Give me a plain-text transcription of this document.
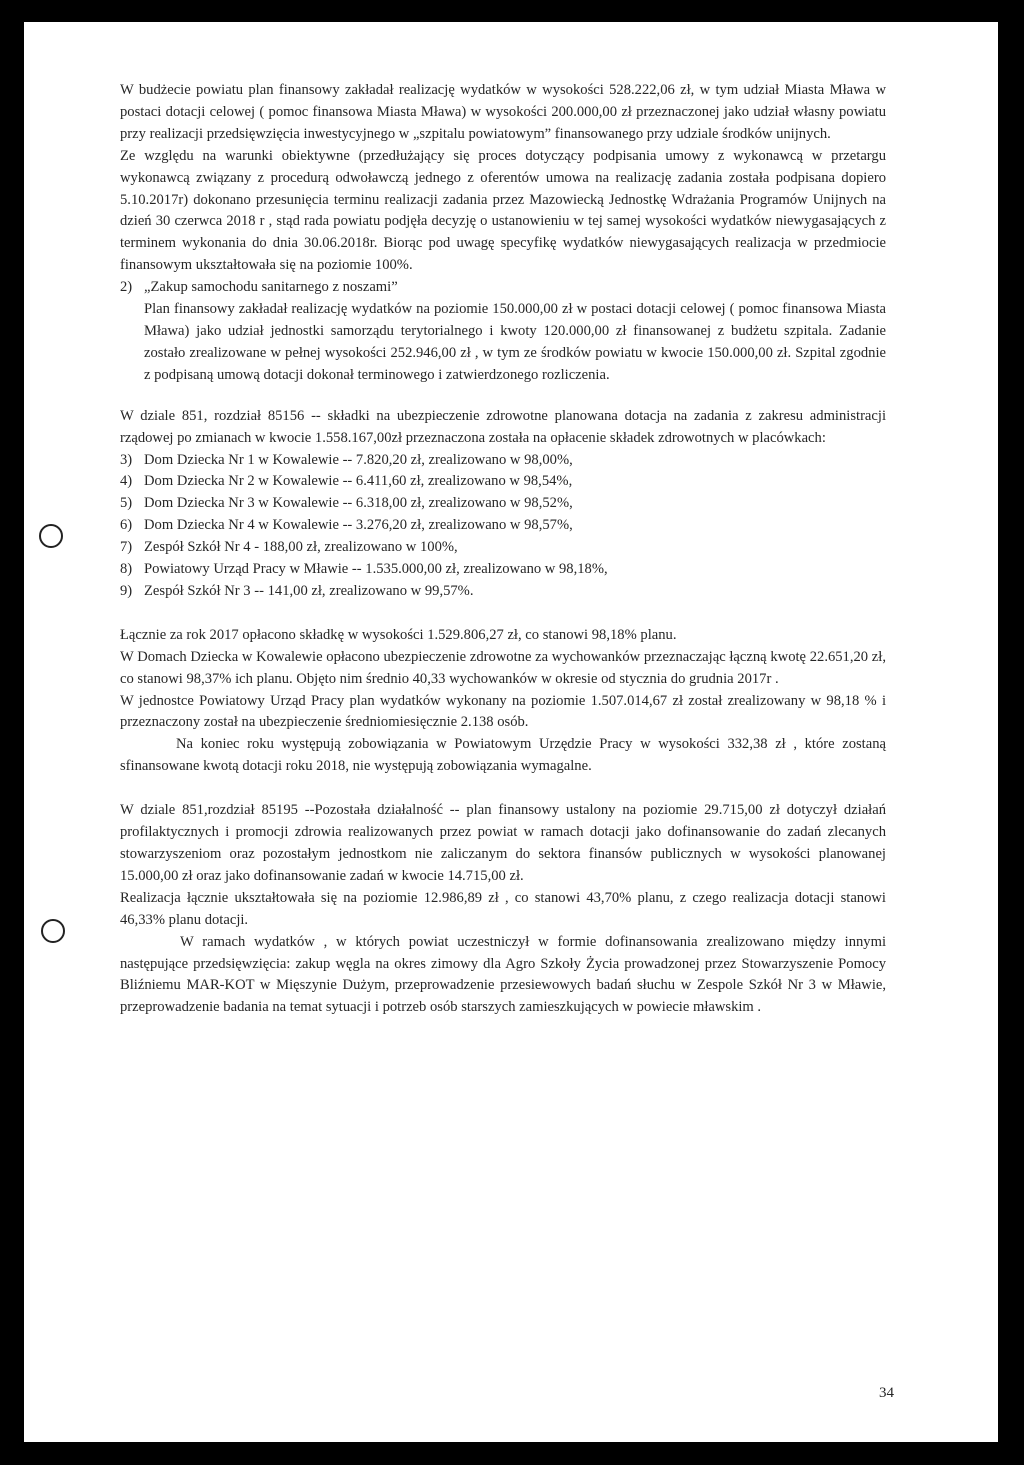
W budżecie powiatu plan finansowy zakładał realizację wydatków w wysokości 528.222,06 zł, w tym udział Miasta Mława w postaci dotacji celowej ( pomoc finansowa Miasta Mława) w wysokości 200.000,00 zł przeznaczonej jako udział własny powiatu przy realizacji przedsięwzięcia inwestycyjnego w „szpitalu powiatowym” finansowanego przy udziale środków unijnych.

Ze względu na warunki obiektywne (przedłużający się proces dotyczący podpisania umowy z wykonawcą w przetargu wykonawcą związany z procedurą odwoławczą jednego z oferentów umowa na realizację zadania została podpisana dopiero 5.10.2017r) dokonano przesunięcia terminu realizacji zadania przez Mazowiecką Jednostkę Wdrażania Programów Unijnych na dzień 30 czerwca 2018 r , stąd rada powiatu podjęła decyzję o ustanowieniu w tej samej wysokości wydatków niewygasających z terminem wykonania do dnia 30.06.2018r. Biorąc pod uwagę specyfikę wydatków niewygasających realizacja w przedmiocie finansowym ukształtowała się na poziomie 100%.

2) „Zakup samochodu sanitarnego z noszami”

Plan finansowy zakładał realizację wydatków na poziomie 150.000,00 zł w postaci dotacji celowej ( pomoc finansowa Miasta Mława) jako udział jednostki samorządu terytorialnego i kwoty 120.000,00 zł finansowanej z budżetu szpitala. Zadanie zostało zrealizowane w pełnej wysokości 252.946,00 zł , w tym ze środków powiatu w kwocie 150.000,00 zł. Szpital zgodnie z podpisaną umową dotacji dokonał terminowego i zatwierdzonego rozliczenia.

W dziale 851, rozdział 85156 -- składki na ubezpieczenie zdrowotne planowana dotacja na zadania z zakresu administracji rządowej po zmianach w kwocie 1.558.167,00zł przeznaczona została na opłacenie składek zdrowotnych w placówkach:

3) Dom Dziecka Nr 1 w Kowalewie -- 7.820,20 zł, zrealizowano w 98,00%,
4) Dom Dziecka Nr 2 w Kowalewie -- 6.411,60 zł, zrealizowano w 98,54%,
5) Dom Dziecka Nr 3 w Kowalewie -- 6.318,00 zł, zrealizowano w 98,52%,
6) Dom Dziecka Nr 4 w Kowalewie -- 3.276,20 zł, zrealizowano w 98,57%,
7) Zespół Szkół Nr 4 - 188,00 zł, zrealizowano w 100%,
8) Powiatowy Urząd Pracy w Mławie -- 1.535.000,00 zł, zrealizowano w 98,18%,
9) Zespół Szkół Nr 3 -- 141,00 zł, zrealizowano w 99,57%.

Łącznie za rok 2017 opłacono składkę w wysokości 1.529.806,27 zł, co stanowi 98,18% planu.

W Domach Dziecka w Kowalewie opłacono ubezpieczenie zdrowotne za wychowanków przeznaczając łączną kwotę 22.651,20 zł, co stanowi 98,37% ich planu. Objęto nim średnio 40,33 wychowanków w okresie od stycznia do grudnia 2017r .

W jednostce Powiatowy Urząd Pracy plan wydatków wykonany na poziomie 1.507.014,67 zł został zrealizowany w 98,18 % i przeznaczony został na ubezpieczenie średniomiesięcznie 2.138 osób.

Na koniec roku występują zobowiązania w Powiatowym Urzędzie Pracy w wysokości 332,38 zł , które zostaną sfinansowane kwotą dotacji roku 2018, nie występują zobowiązania wymagalne.

W dziale 851,rozdział 85195 --Pozostała działalność -- plan finansowy ustalony na poziomie 29.715,00 zł dotyczył działań profilaktycznych i promocji zdrowia realizowanych przez powiat w ramach dotacji jako dofinansowanie do zadań zlecanych stowarzyszeniom oraz pozostałym jednostkom nie zaliczanym do sektora finansów publicznych w wysokości planowanej 15.000,00 zł oraz jako dofinansowanie zadań w kwocie 14.715,00 zł.

Realizacja łącznie ukształtowała się na poziomie 12.986,89 zł , co stanowi 43,70% planu, z czego realizacja dotacji stanowi 46,33% planu dotacji.

W ramach wydatków , w których powiat uczestniczył w formie dofinansowania zrealizowano między innymi następujące przedsięwzięcia: zakup węgla na okres zimowy dla Agro Szkoły Życia prowadzonej przez Stowarzyszenie Pomocy Bliźniemu MAR-KOT w Mięszynie Dużym, przeprowadzenie przesiewowych badań słuchu w Zespole Szkół Nr 3 w Mławie, przeprowadzenie badania na temat sytuacji i potrzeb osób starszych zamieszkujących w powiecie mławskim .

34
